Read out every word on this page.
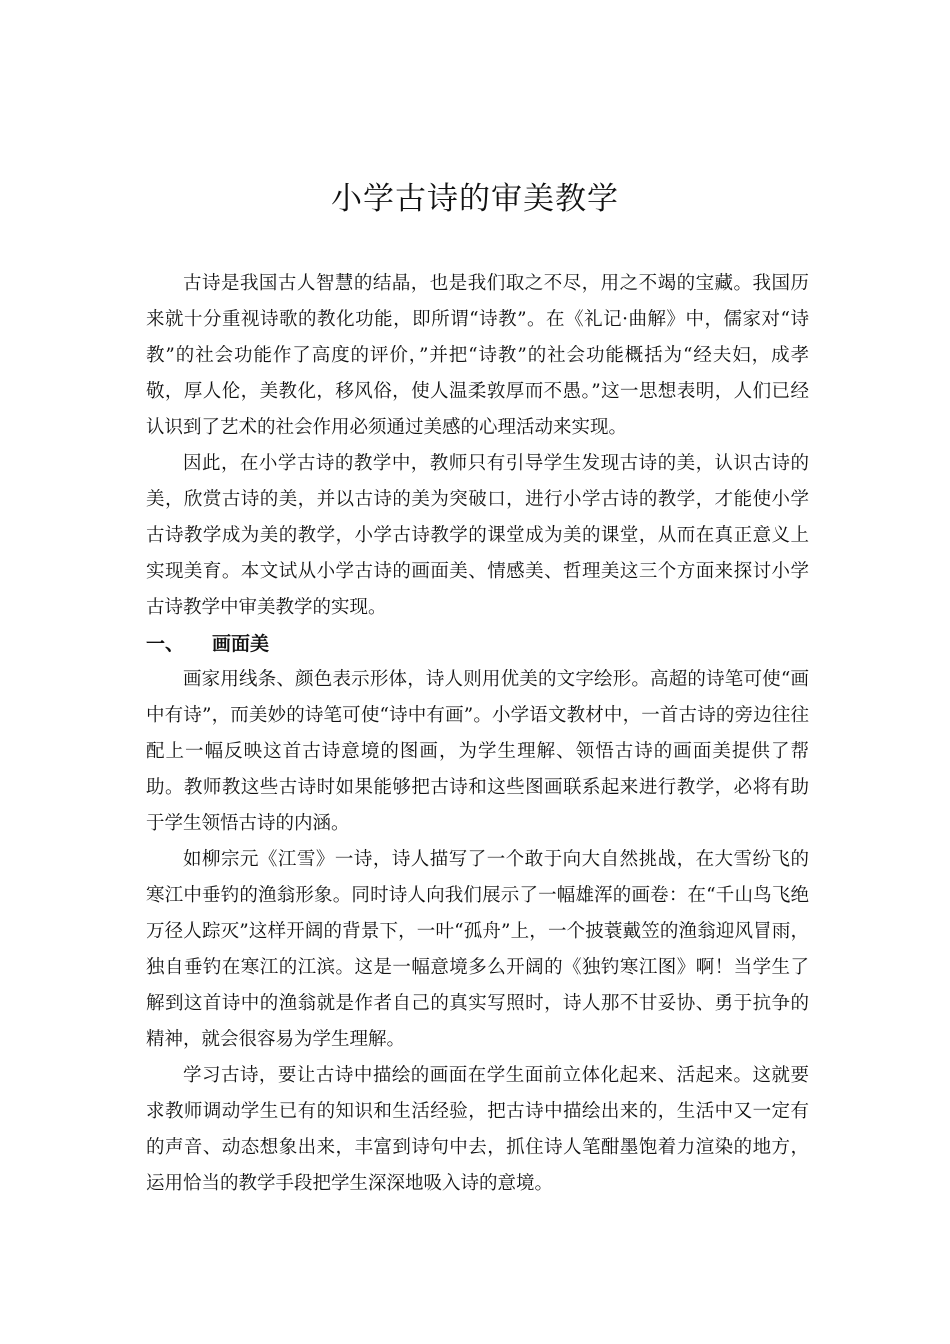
小学古诗的审美教学

古诗是我国古人智慧的结晶，也是我们取之不尽，用之不竭的宝藏。我国历来就十分重视诗歌的教化功能，即所谓“诗教”。在《礼记·曲解》中，儒家对“诗教”的社会功能作了高度的评价，”并把“诗教”的社会功能概括为“经夫妇，成孝敬，厚人伦，美教化，移风俗，使人温柔敦厚而不愚。”这一思想表明，人们已经认识到了艺术的社会作用必须通过美感的心理活动来实现。

因此，在小学古诗的教学中，教师只有引导学生发现古诗的美，认识古诗的美，欣赏古诗的美，并以古诗的美为突破口，进行小学古诗的教学，才能使小学古诗教学成为美的教学，小学古诗教学的课堂成为美的课堂，从而在真正意义上实现美育。本文试从小学古诗的画面美、情感美、哲理美这三个方面来探讨小学古诗教学中审美教学的实现。

一、	画面美

画家用线条、颜色表示形体，诗人则用优美的文字绘形。高超的诗笔可使“画中有诗”，而美妙的诗笔可使“诗中有画”。小学语文教材中，一首古诗的旁边往往配上一幅反映这首古诗意境的图画，为学生理解、领悟古诗的画面美提供了帮助。教师教这些古诗时如果能够把古诗和这些图画联系起来进行教学，必将有助于学生领悟古诗的内涵。

如柳宗元《江雪》一诗，诗人描写了一个敢于向大自然挑战，在大雪纷飞的寒江中垂钓的渔翁形象。同时诗人向我们展示了一幅雄浑的画卷：在“千山鸟飞绝万径人踪灭”这样开阔的背景下，一叶“孤舟”上，一个披蓑戴笠的渔翁迎风冒雨，独自垂钓在寒江的江滨。这是一幅意境多么开阔的《独钓寒江图》啊！当学生了解到这首诗中的渔翁就是作者自己的真实写照时，诗人那不甘妥协、勇于抗争的精神，就会很容易为学生理解。

学习古诗，要让古诗中描绘的画面在学生面前立体化起来、活起来。这就要求教师调动学生已有的知识和生活经验，把古诗中描绘出来的，生活中又一定有的声音、动态想象出来，丰富到诗句中去，抓住诗人笔酣墨饱着力渲染的地方，运用恰当的教学手段把学生深深地吸入诗的意境。
